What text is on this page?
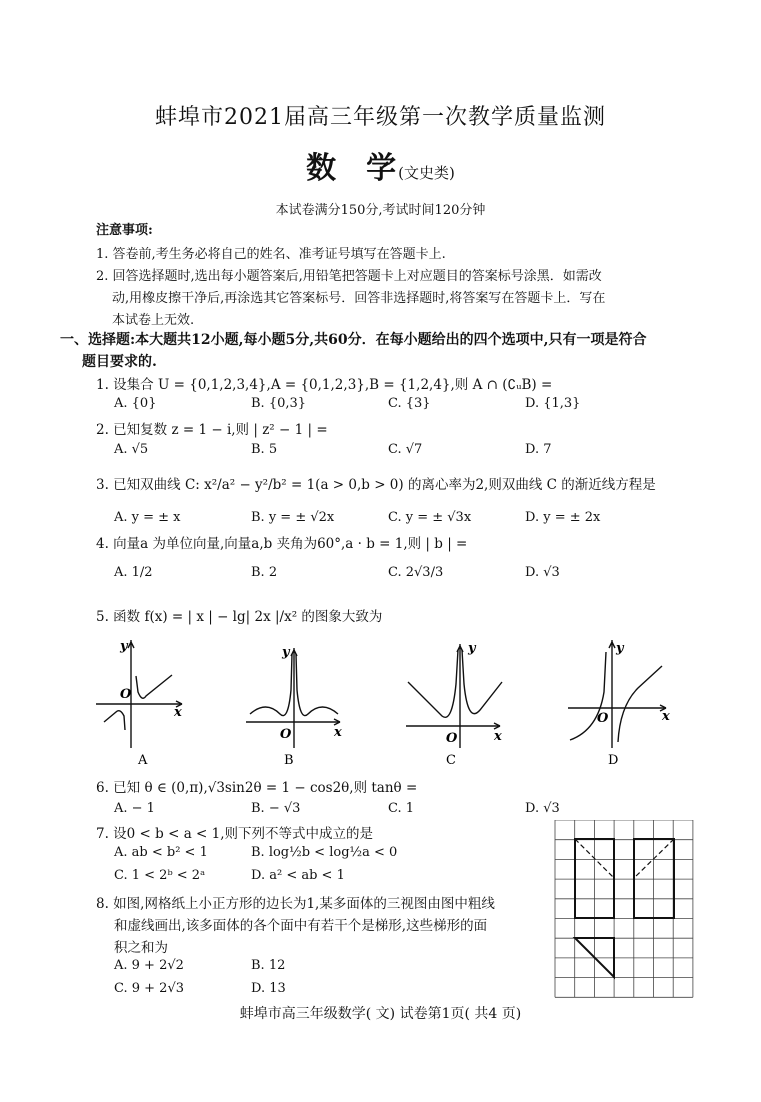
蚌埠市2021届高三年级第一次教学质量监测
数　学 (文史类)
本试卷满分150分,考试时间120分钟
注意事项:
1. 答卷前,考生务必将自己的姓名、准考证号填写在答题卡上.
2. 回答选择题时,选出每小题答案后,用铅笔把答题卡上对应题目的答案标号涂黑．如需改
动,用橡皮擦干净后,再涂选其它答案标号．回答非选择题时,将答案写在答题卡上．写在
本试卷上无效.
一、选择题:本大题共12小题,每小题5分,共60分．在每小题给出的四个选项中,只有一项是符合
题目要求的.
1. 设集合 U = {0,1,2,3,4},A = {0,1,2,3},B = {1,2,4},则 A ∩ (∁ᵤB) =
A. {0}	B. {0,3}	C. {3}	D. {1,3}
2. 已知复数 z = 1 − i,则 | z² − 1 | =
A. √5	B. 5	C. √7	D. 7
3. 已知双曲线 C: x²/a² − y²/b² = 1(a > 0,b > 0) 的离心率为2,则双曲线 C 的渐近线方程是
A. y = ± x	B. y = ± √2x	C. y = ± √3x	D. y = ± 2x
4. 向量a 为单位向量,向量a,b 夹角为60°,a · b = 1,则 | b | =
A. 1/2	B. 2	C. 2√3/3	D. √3
5. 函数 f(x) = | x | − lg| 2x |/x² 的图象大致为
y
x
O
A
y
x
O
B
y
x
O
C
y
x
O
D
6. 已知 θ ∈ (0,π),√3sin2θ = 1 − cos2θ,则 tanθ =
A. − 1	B. − √3	C. 1	D. √3
7. 设0 < b < a < 1,则下列不等式中成立的是
A. ab < b² < 1	B. log½b < log½a < 0
C. 1 < 2ᵇ < 2ᵃ	D. a² < ab < 1
8. 如图,网格纸上小正方形的边长为1,某多面体的三视图由图中粗线
和虚线画出,该多面体的各个面中有若干个是梯形,这些梯形的面
积之和为
A. 9 + 2√2	B. 12
C. 9 + 2√3	D. 13
蚌埠市高三年级数学( 文) 试卷第1页( 共4 页)
